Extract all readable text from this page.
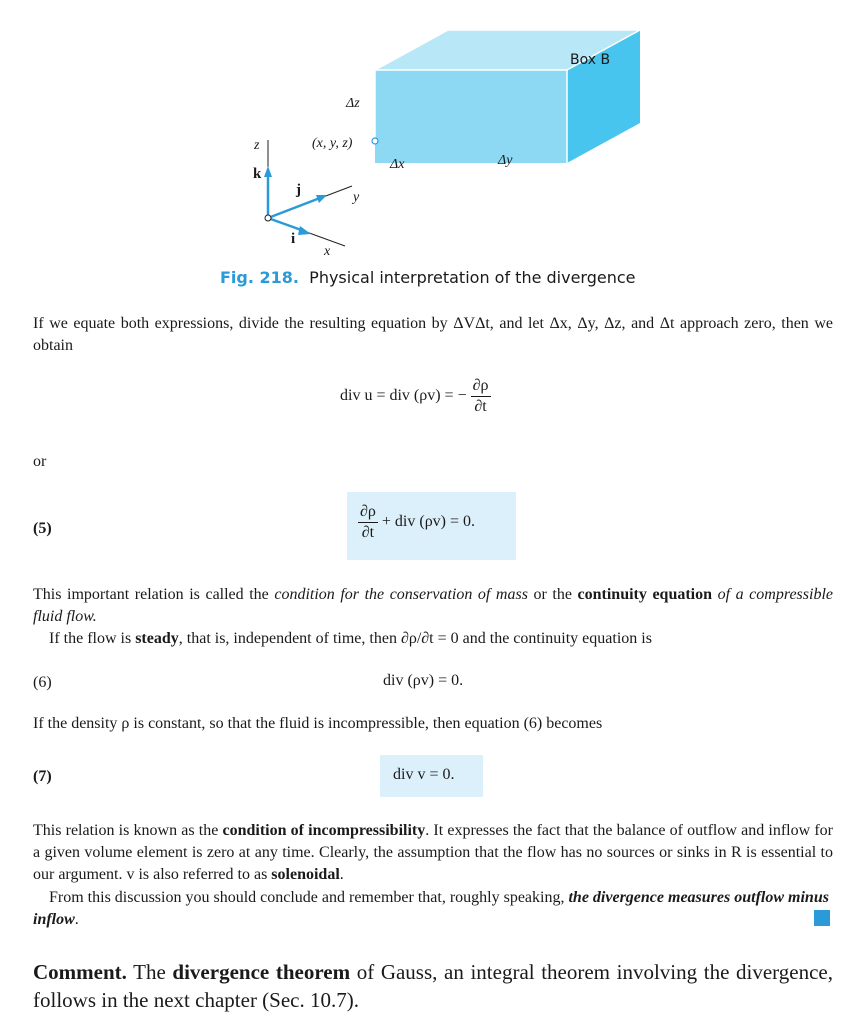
Box B
Δz
(x, y, z)
Δx	Δy
z
k
j	y
i
x
Fig. 218. Physical interpretation of the divergence
If we equate both expressions, divide the resulting equation by ΔVΔt, and let Δx, Δy, Δz, and Δt approach zero, then we obtain
div u = div (ρv) = − $\frac{\partial\rho}{\partial t}$
or
(5)	$\frac{\partial\rho}{\partial t}$ + div (ρv) = 0.
This important relation is called the condition for the conservation of mass or the continuity equation of a compressible fluid flow.
If the flow is steady, that is, independent of time, then ∂ρ/∂t = 0 and the continuity equation is
(6)	div (ρv) = 0.
If the density ρ is constant, so that the fluid is incompressible, then equation (6) becomes
(7)	div v = 0.
This relation is known as the condition of incompressibility. It expresses the fact that the balance of outflow and inflow for a given volume element is zero at any time. Clearly, the assumption that the flow has no sources or sinks in R is essential to our argument. v is also referred to as solenoidal.
From this discussion you should conclude and remember that, roughly speaking, the divergence measures outflow minus inflow.
Comment. The divergence theorem of Gauss, an integral theorem involving the divergence, follows in the next chapter (Sec. 10.7).
